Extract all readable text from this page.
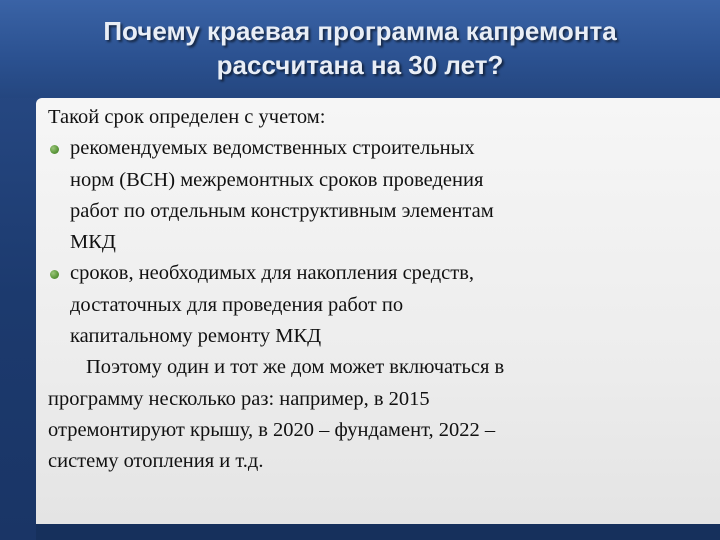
Почему краевая программа капремонта
рассчитана на 30 лет?
Такой срок определен с учетом:
рекомендуемых ведомственных строительных
норм (ВСН) межремонтных сроков проведения
работ по отдельным конструктивным элементам
МКД
сроков, необходимых для накопления средств,
достаточных для проведения работ по
капитальному ремонту МКД
Поэтому один и тот же дом может включаться в
программу несколько раз: например, в 2015
отремонтируют крышу, в 2020 – фундамент, 2022 –
систему отопления и т.д.
